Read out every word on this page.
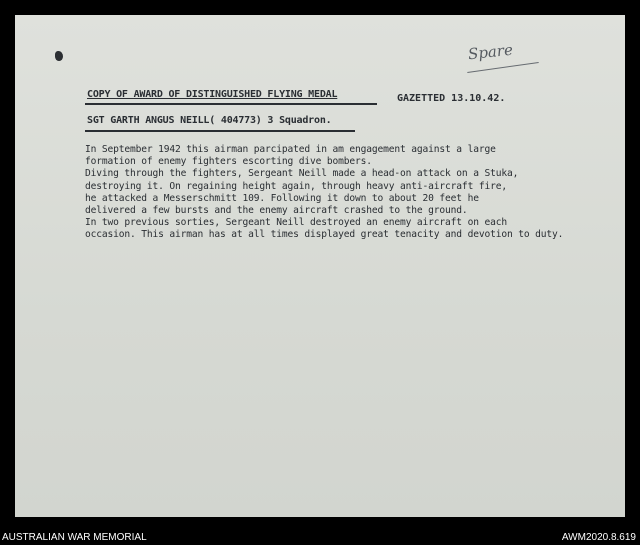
Spare
COPY OF AWARD OF DISTINGUISHED FLYING MEDAL	GAZETTED 13.10.42.
SGT GARTH ANGUS NEILL( 404773) 3 Squadron.
In September 1942 this airman parcipated in am engagement against a large
formation of enemy fighters escorting dive bombers.
Diving through the fighters, Sergeant Neill made a head-on attack on a Stuka,
destroying it. On regaining height again, through heavy anti-aircraft fire,
he attacked a Messerschmitt 109. Following it down to about 20 feet he
delivered a few bursts and the enemy aircraft crashed to the ground.
In two previous sorties, Sergeant Neill destroyed an enemy aircraft on each
occasion. This airman has at all times displayed great tenacity and devotion to duty.
AUSTRALIAN WAR MEMORIAL	AWM2020.8.619
